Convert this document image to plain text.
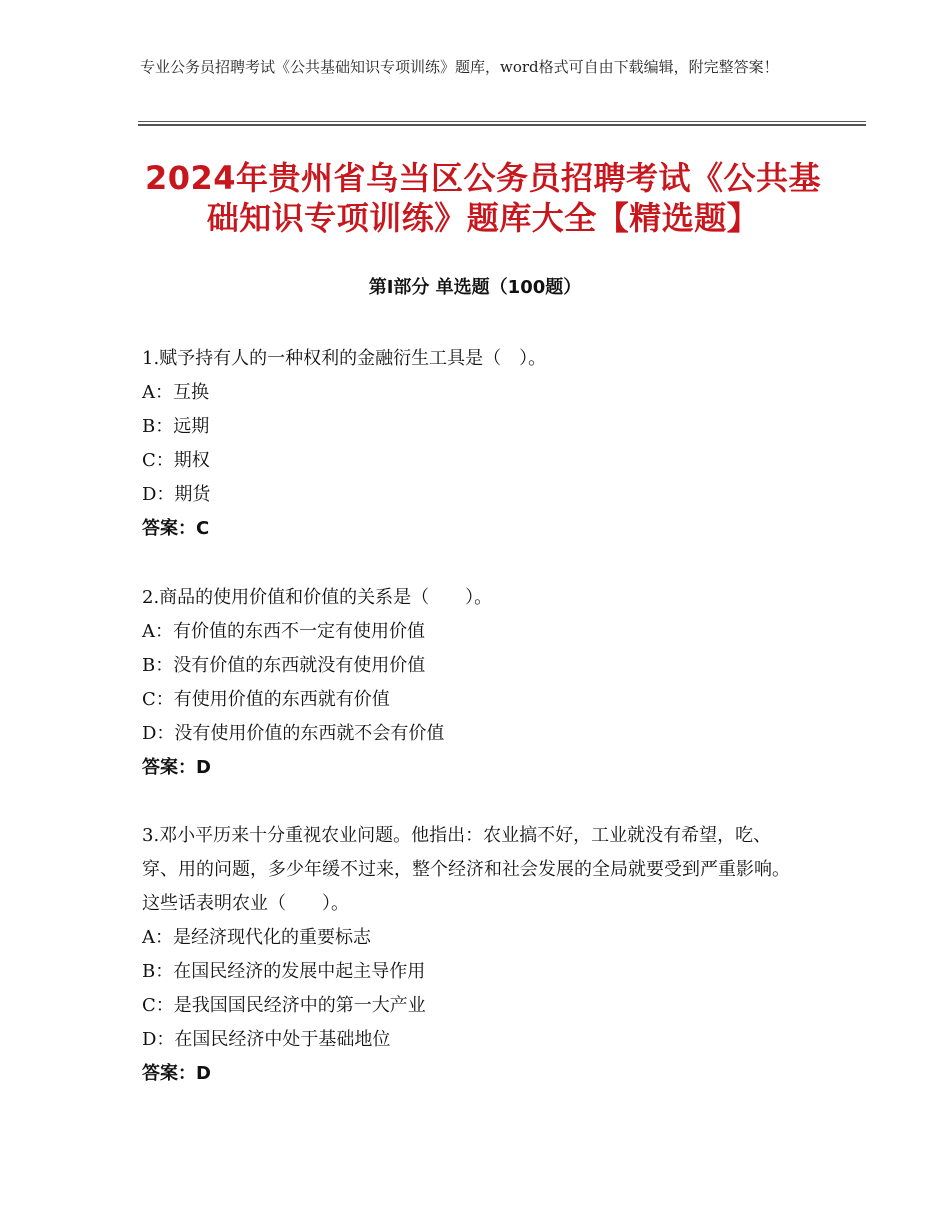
专业公务员招聘考试《公共基础知识专项训练》题库，word格式可自由下载编辑，附完整答案！
2024年贵州省乌当区公务员招聘考试《公共基础知识专项训练》题库大全【精选题】
第Ⅰ部分 单选题（100题）
1.赋予持有人的一种权利的金融衍生工具是（　）。
A：互换
B：远期
C：期权
D：期货
答案：C
2.商品的使用价值和价值的关系是（　　）。
A：有价值的东西不一定有使用价值
B：没有价值的东西就没有使用价值
C：有使用价值的东西就有价值
D：没有使用价值的东西就不会有价值
答案：D
3.邓小平历来十分重视农业问题。他指出：农业搞不好，工业就没有希望，吃、穿、用的问题，多少年缓不过来，整个经济和社会发展的全局就要受到严重影响。这些话表明农业（　　）。
A：是经济现代化的重要标志
B：在国民经济的发展中起主导作用
C：是我国国民经济中的第一大产业
D：在国民经济中处于基础地位
答案：D
